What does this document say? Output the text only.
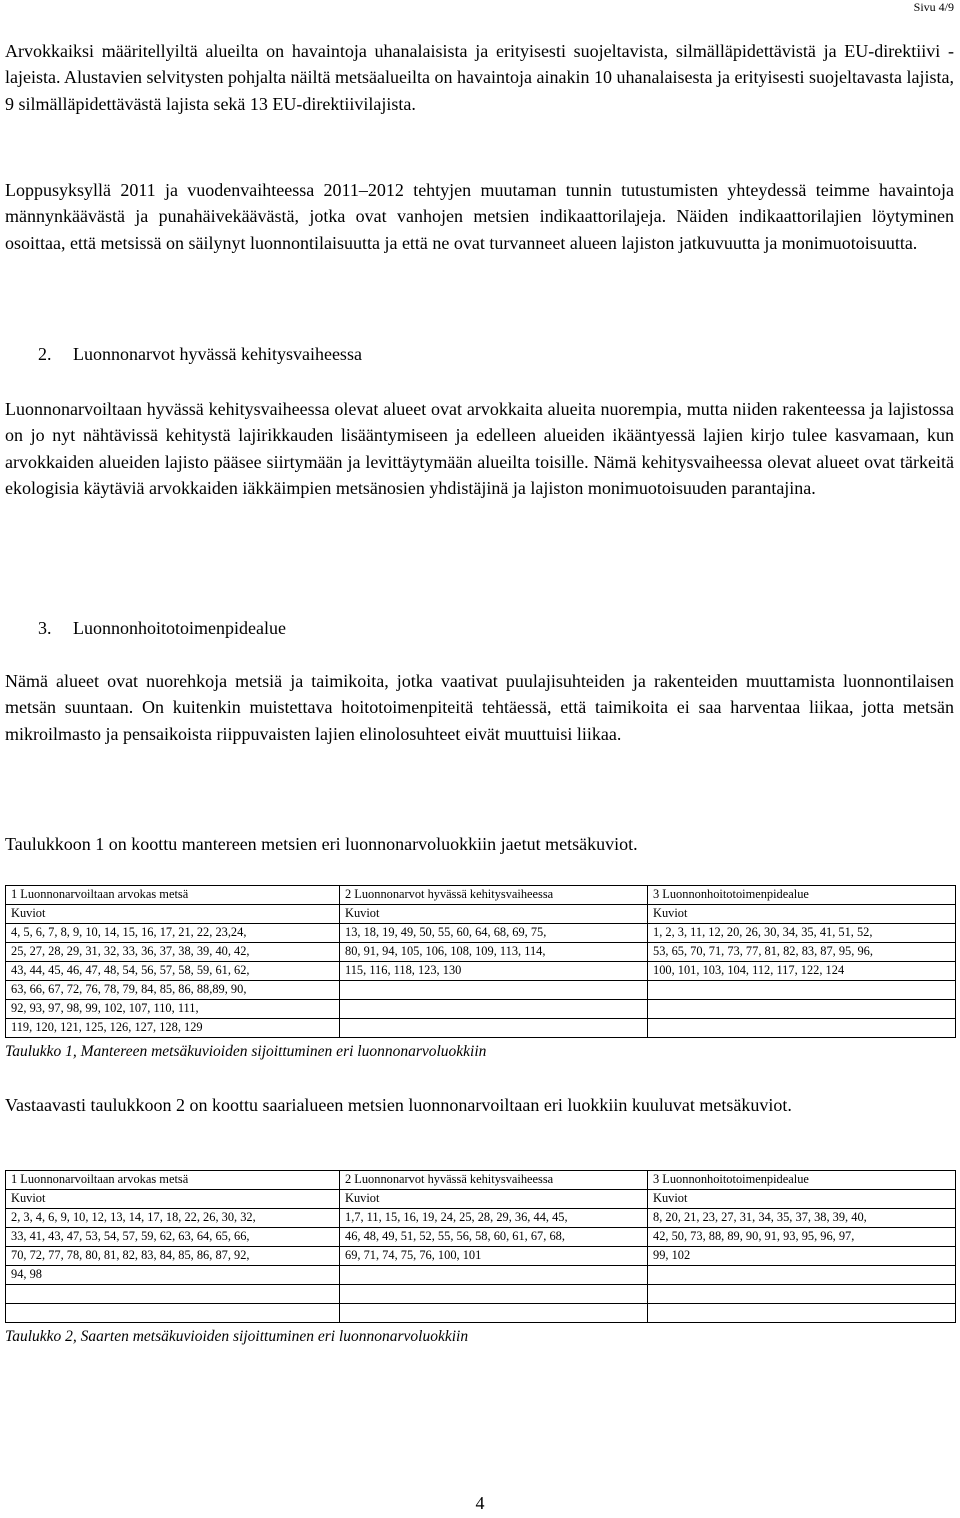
Sivu 4/9

Arvokkaiksi määritellyiltä alueilta on havaintoja uhanalaisista ja erityisesti suojeltavista, silmälläpidettävistä ja EU-direktiivi -lajeista. Alustavien selvitysten pohjalta näiltä metsäalueilta on havaintoja ainakin 10 uhanalaisesta ja erityisesti suojeltavasta lajista, 9 silmälläpidettävästä lajista sekä 13 EU-direktiivilajista.

Loppusyksyllä 2011 ja vuodenvaihteessa 2011–2012 tehtyjen muutaman tunnin tutustumisten yhteydessä teimme havaintoja männynkäävästä ja punahäivekäävästä, jotka ovat vanhojen metsien indikaattorilajeja. Näiden indikaattorilajien löytyminen osoittaa, että metsissä on säilynyt luonnontilaisuutta ja että ne ovat turvanneet alueen lajiston jatkuvuutta ja monimuotoisuutta.

2. Luonnonarvot hyvässä kehitysvaiheessa

Luonnonarvoiltaan hyvässä kehitysvaiheessa olevat alueet ovat arvokkaita alueita nuorempia, mutta niiden rakenteessa ja lajistossa on jo nyt nähtävissä kehitystä lajirikkauden lisääntymiseen ja edelleen alueiden ikääntyessä lajien kirjo tulee kasvamaan, kun arvokkaiden alueiden lajisto pääsee siirtymään ja levittäytymään alueilta toisille. Nämä kehitysvaiheessa olevat alueet ovat tärkeitä ekologisia käytäviä arvokkaiden iäkkäimpien metsänosien yhdistäjinä ja lajiston monimuotoisuuden parantajina.

3. Luonnonhoitotoimenpidealue

Nämä alueet ovat nuorehkoja metsiä ja taimikoita, jotka vaativat puulajisuhteiden ja rakenteiden muuttamista luonnontilaisen metsän suuntaan. On kuitenkin muistettava hoitotoimenpiteitä tehtäessä, että taimikoita ei saa harventaa liikaa, jotta metsän mikroilmasto ja pensaikoista riippuvaisten lajien elinolosuhteet eivät muuttuisi liikaa.

Taulukkoon 1 on koottu mantereen metsien eri luonnonarvoluokkiin jaetut metsäkuviot.

1 Luonnonarvoiltaan arvokas metsä	2 Luonnonarvot hyvässä kehitysvaiheessa	3 Luonnonhoitotoimenpidealue
Kuviot	Kuviot	Kuviot
4, 5, 6, 7, 8, 9, 10, 14, 15, 16, 17, 21, 22, 23,24,	13, 18, 19, 49, 50, 55, 60, 64, 68, 69, 75,	1, 2, 3, 11, 12, 20, 26, 30, 34, 35, 41, 51, 52,
25, 27, 28, 29, 31, 32, 33, 36, 37, 38, 39, 40, 42,	80, 91, 94, 105, 106, 108, 109, 113, 114,	53, 65, 70, 71, 73, 77, 81, 82, 83, 87, 95, 96,
43, 44, 45, 46, 47, 48, 54, 56, 57, 58, 59, 61, 62,	115, 116, 118, 123, 130	100, 101, 103, 104, 112, 117, 122, 124
63, 66, 67, 72, 76, 78, 79, 84, 85, 86, 88,89, 90,		
92, 93, 97, 98, 99, 102, 107, 110, 111,		
119, 120, 121, 125, 126, 127, 128, 129		

Taulukko 1, Mantereen metsäkuvioiden sijoittuminen eri luonnonarvoluokkiin

Vastaavasti taulukkoon 2 on koottu saarialueen metsien luonnonarvoiltaan eri luokkiin kuuluvat metsäkuviot.

1 Luonnonarvoiltaan arvokas metsä	2 Luonnonarvot hyvässä kehitysvaiheessa	3 Luonnonhoitotoimenpidealue
Kuviot	Kuviot	Kuviot
2, 3, 4, 6, 9, 10, 12, 13, 14, 17, 18, 22, 26, 30, 32,	1,7, 11, 15, 16, 19, 24, 25, 28, 29, 36, 44, 45,	8, 20, 21, 23, 27, 31, 34, 35, 37, 38, 39, 40,
33, 41, 43, 47, 53, 54, 57, 59, 62, 63, 64, 65, 66,	46, 48, 49, 51, 52, 55, 56, 58, 60, 61, 67, 68,	42, 50, 73, 88, 89, 90, 91, 93, 95, 96, 97,
70, 72, 77, 78, 80, 81, 82, 83, 84, 85, 86, 87, 92,	69, 71, 74, 75, 76, 100, 101	99, 102
94, 98		

Taulukko 2, Saarten metsäkuvioiden sijoittuminen eri luonnonarvoluokkiin

4
